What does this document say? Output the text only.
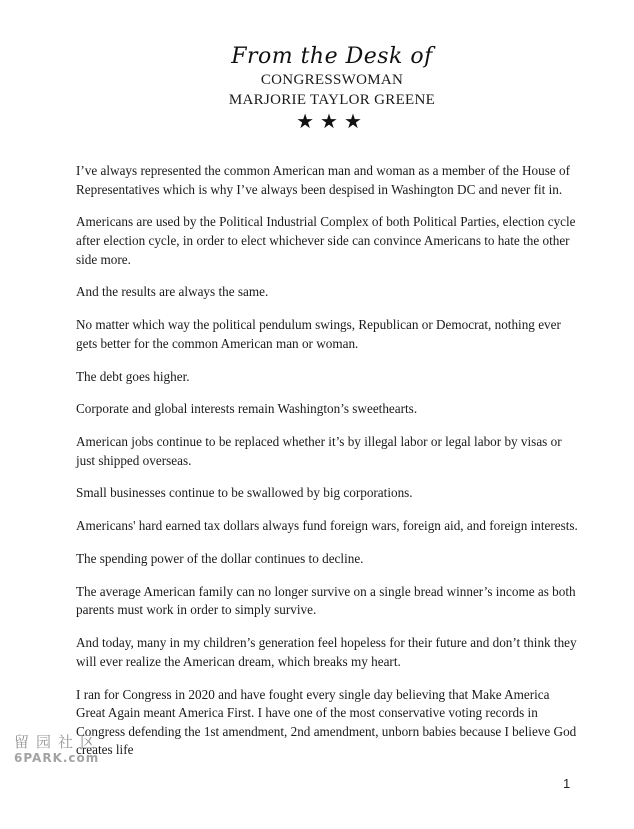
From the Desk of
CONGRESSWOMAN
MARJORIE TAYLOR GREENE
★★★

I’ve always represented the common American man and woman as a member of the House of Representatives which is why I’ve always been despised in Washington DC and never fit in.

Americans are used by the Political Industrial Complex of both Political Parties, election cycle after election cycle, in order to elect whichever side can convince Americans to hate the other side more.

And the results are always the same.

No matter which way the political pendulum swings, Republican or Democrat, nothing ever gets better for the common American man or woman.

The debt goes higher.

Corporate and global interests remain Washington’s sweethearts.

American jobs continue to be replaced whether it’s by illegal labor or legal labor by visas or just shipped overseas.

Small businesses continue to be swallowed by big corporations.

Americans' hard earned tax dollars always fund foreign wars, foreign aid, and foreign interests.

The spending power of the dollar continues to decline.

The average American family can no longer survive on a single bread winner’s income as both parents must work in order to simply survive.

And today, many in my children’s generation feel hopeless for their future and don’t think they will ever realize the American dream, which breaks my heart.

I ran for Congress in 2020 and have fought every single day believing that Make America Great Again meant America First. I have one of the most conservative voting records in Congress defending the 1st amendment, 2nd amendment, unborn babies because I believe God creates life

留园社区
6PARK.com
1
